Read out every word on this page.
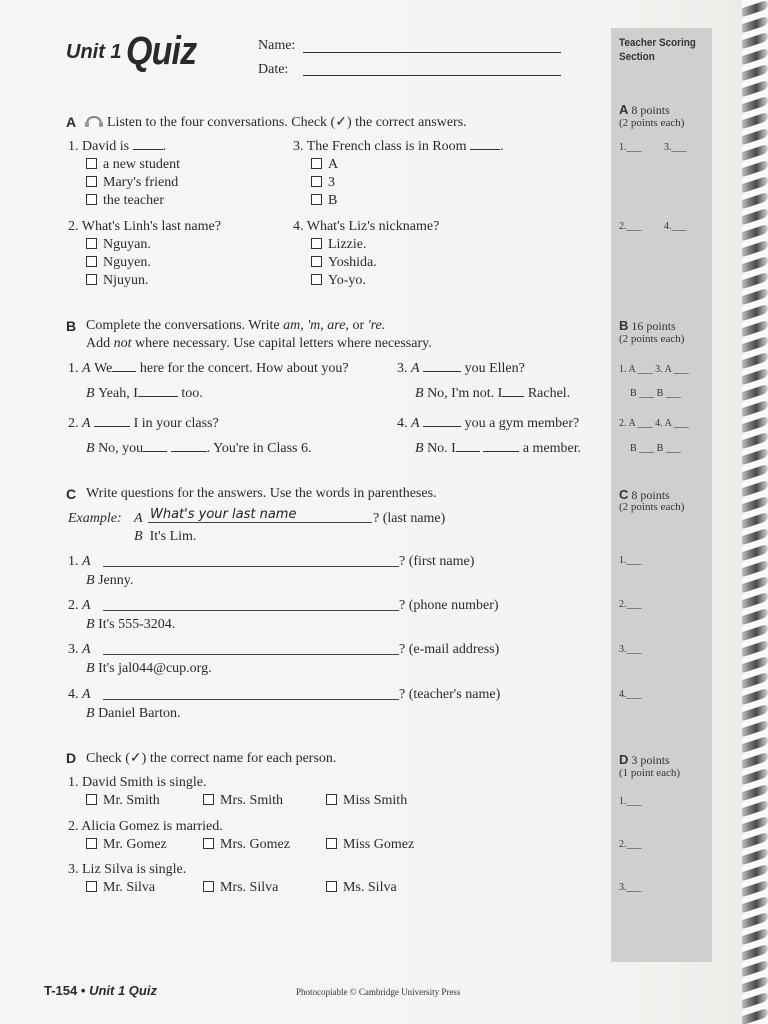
Unit 1 Quiz	Name:
Date:
Teacher Scoring
Section
A 8 points
(2 points each)
1.___ 3.___
2.___ 4.___
B 16 points
(2 points each)
1. A ___ 3. A ___
B ___ B ___
2. A ___ 4. A ___
B ___ B ___
C 8 points
(2 points each)
1.___
2.___
3.___
4.___
D 3 points
(1 point each)
1.___
2.___
3.___
A Listen to the four conversations. Check (✓) the correct answers.
1. David is .
a new student
Mary's friend
the teacher
2. What's Linh's last name?
Nguyan.
Nguyen.
Njuyun.
3. The French class is in Room .
A
3
B
4. What's Liz's nickname?
Lizzie.
Yoshida.
Yo-yo.
B Complete the conversations. Write am, 'm, are, or 're.
Add not where necessary. Use capital letters where necessary.
1. A We here for the concert. How about you?
B Yeah, I	too.
2. A	I in your class?
B No, you	. You're in Class 6.
3. A	you Ellen?
B No, I'm not. I Rachel.
4. A	you a gym member?
B No. I	a member.
C Write questions for the answers. Use the words in parentheses.
Example: A What's your last name	? (last name)
B It's Lim.
1. A	? (first name)
B Jenny.
2. A	? (phone number)
B It's 555-3204.
3. A	? (e-mail address)
B It's jal044@cup.org.
4. A	? (teacher's name)
B Daniel Barton.
D Check (✓) the correct name for each person.
1. David Smith is single.
Mr. Smith	Mrs. Smith	Miss Smith
2. Alicia Gomez is married.
Mr. Gomez	Mrs. Gomez	Miss Gomez
3. Liz Silva is single.
Mr. Silva	Mrs. Silva	Ms. Silva
T-154 • Unit 1 Quiz	Photocopiable © Cambridge University Press
